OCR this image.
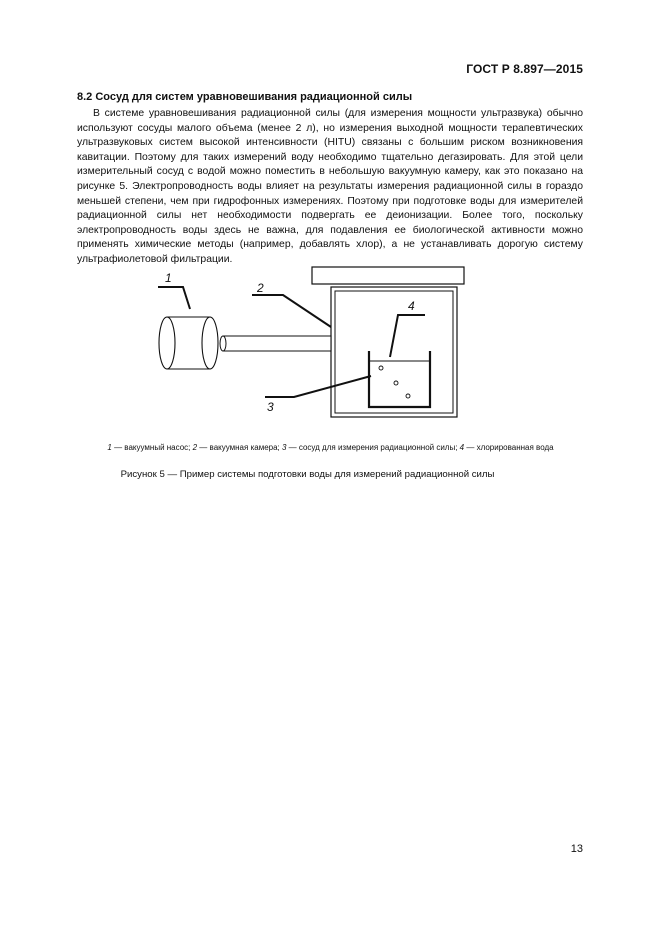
ГОСТ Р 8.897—2015
8.2 Сосуд для систем уравновешивания радиационной силы

В системе уравновешивания радиационной силы (для измерения мощности ультразвука) обычно используют сосуды малого объема (менее 2 л), но измерения выходной мощности терапевтических ультразвуковых систем высокой интенсивности (HITU) связаны с большим риском возникновения кавитации. Поэтому для таких измерений воду необходимо тщательно дегазировать. Для этой цели измерительный сосуд с водой можно поместить в небольшую вакуумную камеру, как это показано на рисунке 5. Электропроводность воды влияет на результаты измерения радиационной силы в гораздо меньшей степени, чем при гидрофонных измерениях. Поэтому при подготовке воды для измерителей радиационной силы нет необходимости подвергать ее деионизации. Более того, поскольку электропроводность воды здесь не важна, для подавления ее биологической активности можно применять химические методы (например, добавлять хлор), а не устанавливать дорогую систему ультрафиолетовой фильтрации.

1
2
3
4
1 — вакуумный насос; 2 — вакуумная камера; 3 — сосуд для измерения радиационной силы; 4 — хлорированная вода
Рисунок 5 — Пример системы подготовки воды для измерений радиационной силы
13
